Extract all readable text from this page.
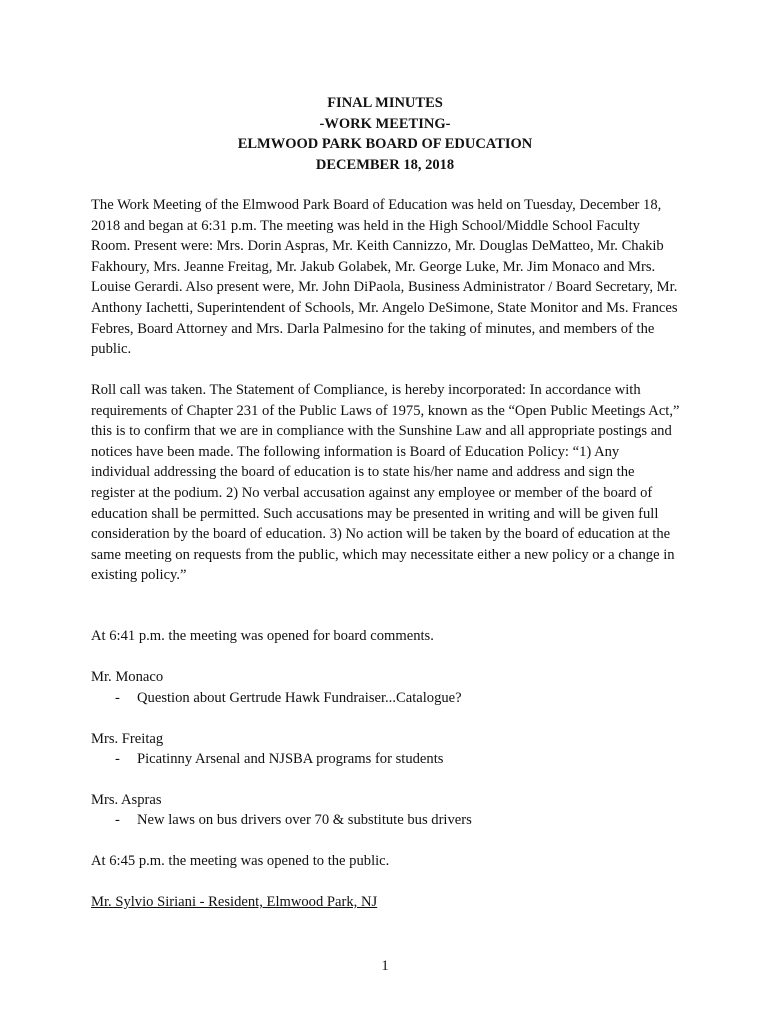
FINAL MINUTES
-WORK MEETING-
ELMWOOD PARK BOARD OF EDUCATION
DECEMBER 18, 2018
The Work Meeting of the Elmwood Park Board of Education was held on Tuesday, December 18, 2018 and began at 6:31 p.m. The meeting was held in the High School/Middle School Faculty Room. Present were: Mrs. Dorin Aspras, Mr. Keith Cannizzo, Mr. Douglas DeMatteo, Mr. Chakib Fakhoury, Mrs. Jeanne Freitag, Mr. Jakub Golabek, Mr. George Luke, Mr. Jim Monaco and Mrs. Louise Gerardi. Also present were, Mr. John DiPaola, Business Administrator / Board Secretary, Mr. Anthony Iachetti, Superintendent of Schools, Mr. Angelo DeSimone, State Monitor and Ms. Frances Febres, Board Attorney and Mrs. Darla Palmesino for the taking of minutes, and members of the public.
Roll call was taken. The Statement of Compliance, is hereby incorporated: In accordance with requirements of Chapter 231 of the Public Laws of 1975, known as the “Open Public Meetings Act,” this is to confirm that we are in compliance with the Sunshine Law and all appropriate postings and notices have been made. The following information is Board of Education Policy: “1) Any individual addressing the board of education is to state his/her name and address and sign the register at the podium. 2) No verbal accusation against any employee or member of the board of education shall be permitted. Such accusations may be presented in writing and will be given full consideration by the board of education. 3) No action will be taken by the board of education at the same meeting on requests from the public, which may necessitate either a new policy or a change in existing policy.”
At 6:41 p.m. the meeting was opened for board comments.
Mr. Monaco
- Question about Gertrude Hawk Fundraiser...Catalogue?
Mrs. Freitag
- Picatinny Arsenal and NJSBA programs for students
Mrs. Aspras
- New laws on bus drivers over 70 & substitute bus drivers
At 6:45 p.m. the meeting was opened to the public.
Mr. Sylvio Siriani - Resident, Elmwood Park, NJ
1
